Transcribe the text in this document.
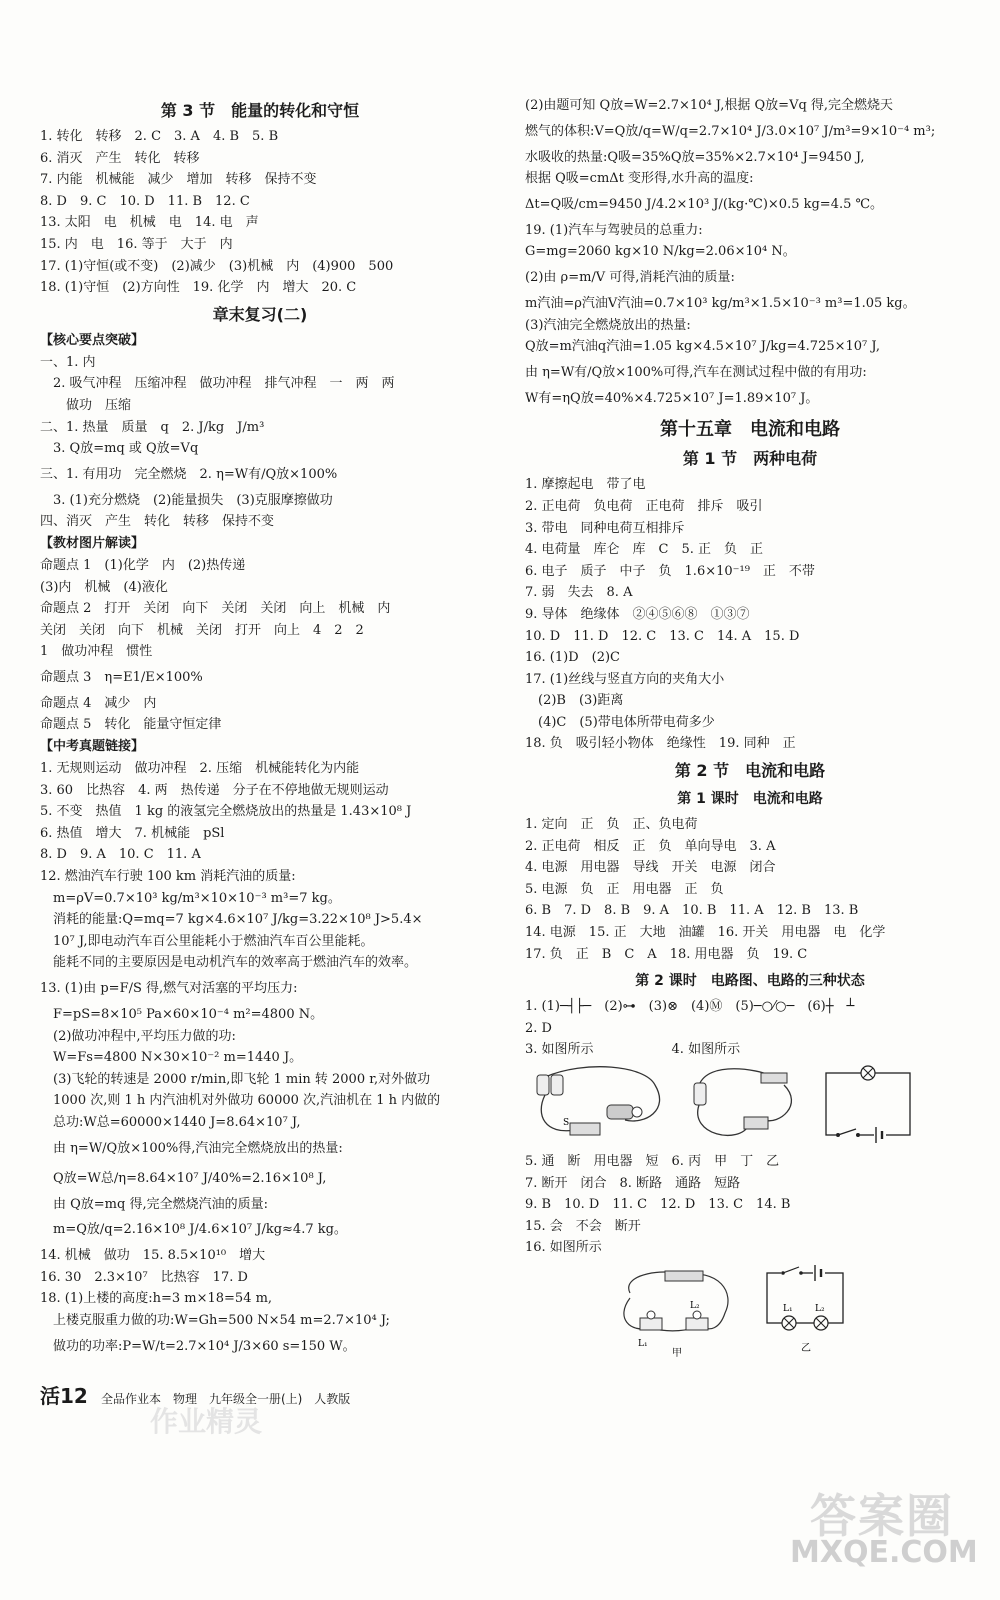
第 3 节　能量的转化和守恒

1. 转化　转移　2. C　3. A　4. B　5. B

6. 消灭　产生　转化　转移

7. 内能　机械能　减少　增加　转移　保持不变

8. D　9. C　10. D　11. B　12. C

13. 太阳　电　机械　电　14. 电　声

15. 内　电　16. 等于　大于　内

17. (1)守恒(或不变)　(2)减少　(3)机械　内　(4)900　500

18. (1)守恒　(2)方向性　19. 化学　内　增大　20. C

章末复习(二)

【核心要点突破】

一、1. 内

　2. 吸气冲程　压缩冲程　做功冲程　排气冲程　一　两　两

　　做功　压缩

二、1. 热量　质量　q　2. J/kg　J/m³

　3. Q放=mq 或 Q放=Vq

三、1. 有用功　完全燃烧　2. η=W有/Q放×100%

　3. (1)充分燃烧　(2)能量损失　(3)克服摩擦做功

四、消灭　产生　转化　转移　保持不变

【教材图片解读】

命题点 1　(1)化学　内　(2)热传递

(3)内　机械　(4)液化

命题点 2　打开　关闭　向下　关闭　关闭　向上　机械　内

关闭　关闭　向下　机械　关闭　打开　向上　4　2　2

1　做功冲程　惯性

命题点 3　η=E1/E×100%

命题点 4　减少　内

命题点 5　转化　能量守恒定律

【中考真题链接】

1. 无规则运动　做功冲程　2. 压缩　机械能转化为内能

3. 60　比热容　4. 两　热传递　分子在不停地做无规则运动

5. 不变　热值　1 kg 的液氢完全燃烧放出的热量是 1.43×10⁸ J

6. 热值　增大　7. 机械能　pSl

8. D　9. A　10. C　11. A

12. 燃油汽车行驶 100 km 消耗汽油的质量:

　m=ρV=0.7×10³ kg/m³×10×10⁻³ m³=7 kg。

　消耗的能量:Q=mq=7 kg×4.6×10⁷ J/kg=3.22×10⁸ J>5.4×

　10⁷ J,即电动汽车百公里能耗小于燃油汽车百公里能耗。

　能耗不同的主要原因是电动机汽车的效率高于燃油汽车的效率。

13. (1)由 p=F/S 得,燃气对活塞的平均压力:

　F=pS=8×10⁵ Pa×60×10⁻⁴ m²=4800 N。

　(2)做功冲程中,平均压力做的功:

　W=Fs=4800 N×30×10⁻² m=1440 J。

　(3)飞轮的转速是 2000 r/min,即飞轮 1 min 转 2000 r,对外做功

　1000 次,则 1 h 内汽油机对外做功 60000 次,汽油机在 1 h 内做的

　总功:W总=60000×1440 J=8.64×10⁷ J,

　由 η=W/Q放×100%得,汽油完全燃烧放出的热量:

　Q放=W总/η=8.64×10⁷ J/40%=2.16×10⁸ J,

　由 Q放=mq 得,完全燃烧汽油的质量:

　m=Q放/q=2.16×10⁸ J/4.6×10⁷ J/kg≈4.7 kg。

14. 机械　做功　15. 8.5×10¹⁰　增大

16. 30　2.3×10⁷　比热容　17. D

18. (1)上楼的高度:h=3 m×18=54 m,

　上楼克服重力做的功:W=Gh=500 N×54 m=2.7×10⁴ J;

　做功的功率:P=W/t=2.7×10⁴ J/3×60 s=150 W。

(2)由题可知 Q放=W=2.7×10⁴ J,根据 Q放=Vq 得,完全燃烧天

燃气的体积:V=Q放/q=W/q=2.7×10⁴ J/3.0×10⁷ J/m³=9×10⁻⁴ m³;

水吸收的热量:Q吸=35%Q放=35%×2.7×10⁴ J=9450 J,

根据 Q吸=cmΔt 变形得,水升高的温度:

Δt=Q吸/cm=9450 J/4.2×10³ J/(kg·℃)×0.5 kg=4.5 ℃。

19. (1)汽车与驾驶员的总重力:

G=mg=2060 kg×10 N/kg=2.06×10⁴ N。

(2)由 ρ=m/V 可得,消耗汽油的质量:

m汽油=ρ汽油V汽油=0.7×10³ kg/m³×1.5×10⁻³ m³=1.05 kg。

(3)汽油完全燃烧放出的热量:

Q放=m汽油q汽油=1.05 kg×4.5×10⁷ J/kg=4.725×10⁷ J,

由 η=W有/Q放×100%可得,汽车在测试过程中做的有用功:

W有=ηQ放=40%×4.725×10⁷ J=1.89×10⁷ J。

第十五章　电流和电路
第 1 节　两种电荷

1. 摩擦起电　带了电

2. 正电荷　负电荷　正电荷　排斥　吸引

3. 带电　同种电荷互相排斥

4. 电荷量　库仑　库　C　5. 正　负　正

6. 电子　质子　中子　负　1.6×10⁻¹⁹　正　不带

7. 弱　失去　8. A

9. 导体　绝缘体　②④⑤⑥⑧　①③⑦

10. D　11. D　12. C　13. C　14. A　15. D

16. (1)D　(2)C

17. (1)丝线与竖直方向的夹角大小

　(2)B　(3)距离

　(4)C　(5)带电体所带电荷多少

18. 负　吸引轻小物体　绝缘性　19. 同种　正

第 2 节　电流和电路
第 1 课时　电流和电路

1. 定向　正　负　正、负电荷

2. 正电荷　相反　正　负　单向导电　3. A

4. 电源　用电器　导线　开关　电源　闭合

5. 电源　负　正　用电器　正　负

6. B　7. D　8. B　9. A　10. B　11. A　12. B　13. B

14. 电源　15. 正　大地　油罐　16. 开关　用电器　电　化学

17. 负　正　B　C　A　18. 用电器　负　19. C

第 2 课时　电路图、电路的三种状态

1. (1)─┤├─　(2)⊶　(3)⊗　(4)Ⓜ　(5)─○⁄○─　(6)┼　┴

2. D

3. 如图所示　　　　　　4. 如图所示

S

5. 通　断　用电器　短　6. 丙　甲　丁　乙

7. 断开　闭合　8. 断路　通路　短路

9. B　10. D　11. C　12. D　13. C　14. B

15. 会　不会　断开

16. 如图所示

L₂
L₁
甲
L₁ L₂
乙
活12 全品作业本　物理　九年级全一册(上)　人教版
作业精灵
答案圈
MXQE.COM
